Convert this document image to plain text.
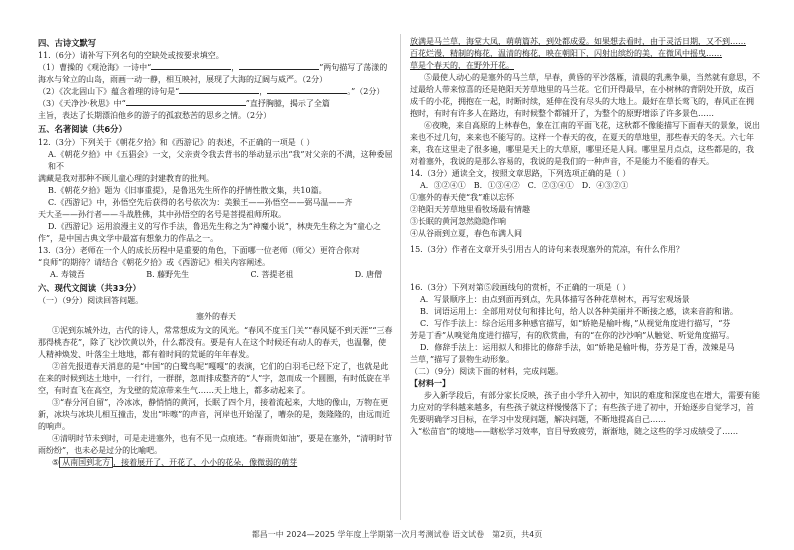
四、古诗文默写

11.（6分）请补写下列名句的空缺处或按要求填空。

（1）曹操的《观沧海》一诗中“	，	”两句描写了荡漾的

海水与耸立的山岛，雨画一动一静，相互映衬，展现了大海的辽阔与威严。（2分）

（2）《次北固山下》蕴含着理的诗句是“	，	。”（2分）

（3）《天净沙·秋思》中“	”直抒胸臆，揭示了全篇

主旨，表达了长期漂泊他乡的游子的孤寂愁苦的思乡之情。（2分）

五、名著阅读（共6分）

12.（3分）下列关于《朝花夕拾》和《西游记》的表述，不正确的一项是（ ）

A.《朝花夕拾》中《五猖会》一文，父亲责令我去背书的举动显示出“我”对父亲的不满，这种委屈和不

满藏是我对那种不顾儿童心理的封建教育的批判。

B.《朝花夕拾》题为《旧事重提》，是鲁迅先生所作的抒情性散文集，共10篇。

C.《西游记》中，孙悟空先后获得的名号依次为：美猴王——孙悟空——弼马温——齐

天大圣——孙行者——斗战胜佛，其中孙悟空的名号是菩提祖师所取。

D.《西游记》运用浪漫主义的写作手法，鲁迅先生称之为“神魔小说”，林庚先生称之为“童心之

作”，是中国古典文学中最富有想象力的作品之一。

13.（3分）老师在一个人的成长历程中是重要的角色，下面哪一位老师（师父）更符合你对

“良师”的期待？请结合《朝花夕拾》或《西游记》相关内容阐述。

A. 寿镜吾	B. 藤野先生	C. 菩提老祖	D. 唐僧

六、现代文阅读（共33分）

（一）（9分）阅读回答问题。

塞外的春天

①泥到东城外边，古代的诗人，常常想成为文的风光。“春风不度玉门关”“春风疑不到天涯”“三春那得桃杏花”，除了飞沙饮黄以外，什么都没有。要是有人在这个时候还有动人的春天，也温馨，使人精神焕发、叶落尘土地地，都有着时间的荒诞的年年春发。

②首先报道春天消息的是“中国”的白鹭鸟呢“嘎嘎”的表演，它们的白羽毛已经下定了，也就是此在来的时候到达土地中，一行行，一群群，忽而排成整齐的“人”字，忽而成一个圆圈，有时低旋在半空，有时直飞在高空，为戈壁的荒凉带来生气……天上地上，都多动起来了。

③“春分河自留”，冷冰冰，静悄悄的黄河，长眠了四个月，接着流起来，大地的像山，万物在更新，冰块与冰块儿相互撞击，发出“咔嚓”的声音，河岸也开始湿了，嘈杂的是，轰隆隆的，由远而近的响声。

④清明时节未到时，可是走进塞外，也有不见一点痕迹。“春雨贵如油”，要是在塞外，“清明时节雨纷纷”，也未必是过分的比喻吧。

⑤ 从南国到北方 ，接着展开了、开花了、小小的花朵，像微弱的萌芽

放满是马兰草，海堂大凤，萌萌篇苏，到处都成爱。如果想去看时，由于灵活日期，又不到……

百花烂漫，精制的梅花，温清的梅花，映在朝阳下，闪射出缤纷的美，在微风中摇曳……

草是个春天的，在野外开花。

⑤最使人动心的是塞外的马兰草，早春，黄昏的平沙落雁，清晨的乳燕争巢，当然就有意思，不过最给人带来惊喜的还是艳阳天芳草地里的马兰花。它们开得最早，在小树林的背阴处开放，成百成千的小花，拥抱在一起，时断时续，延伸在没有尽头的大地上。最好在草长莺飞的，春风正在拥抱时，有时有许多人在路边，有时候整个都铺开了，为整个的原野增添了许多景色……

⑥夜晚，来自高原的上林春色，象在江南的平面飞花，这秋都不像能描写下面春天的景象，说出来也不过几句，来来也不能写的。这样一个春天的夜，在夏天的草地里，那些春天的冬天。六七年来，我在这里走了很多遍，哪里是天上的大草原，哪里还是人间。哪里星月点点，这些都是的，我对着塞外，我说的是那么容易的，我说的是我们的一种声音，不是能力不能看的春天。

14.（3分）通读全文，按照文章思路，下列选项正确的是（ ）

A．③②④①　B．①③④②　C．②③④①　D．④③②①

①塞外的春天使“我”难以忘怀

②艳阳天芳草地里看牧场最有情趣

③长眠的黄河忽然隐隐作响

④从谷雨到立夏，春色布满人间

15.（3分）作者在文章开头引用古人的诗句来表现塞外的荒凉，有什么作用？

16.（3分）下列对第⑤段画线句的赏析，不正确的一项是（ ）

A．写景顺序上：由点到面再到点，先具体描写各种花草树木，再写宏观场景

B．词语运用上：全部用对仗句和排比句，给人以各种美丽并不断接之感，读来音韵和谐。

C．写作手法上：综合运用多种感官描写，如“娇艳是榆叶梅，”从视觉角度进行描写，“芬

芳是丁香”从嗅觉角度进行描写，有的欣赏曲，有的“在你的沙沙响”从触觉、听觉角度描写。

D．修辞手法上：运用拟人和排比的修辞手法，如“娇艳是榆叶梅，芬芳是丁香，泼辣是马

兰草，”描写了景物生动形象。

（二）（9分）阅读下面的材料，完成问题。

【材料一】

步入新学段后，有部分家长反映，孩子由小学升入初中，知识的难度和深度也在增大，需要有能力应对的学科越来越多，有些孩子就这样慢慢落下了；有些孩子进了初中，开始逐步自觉学习，首先要明确学习目标，在学习中发现问题，解决问题，不断地提高自己……

入“松苗盲”的境地——瞎松学习效率，盲目导致疲劳，渐渐地，随之这些的学习成绩受了……

都昌一中 2024—2025 学年度上学期第一次月考测试卷 语文试卷　第2页，共4页
